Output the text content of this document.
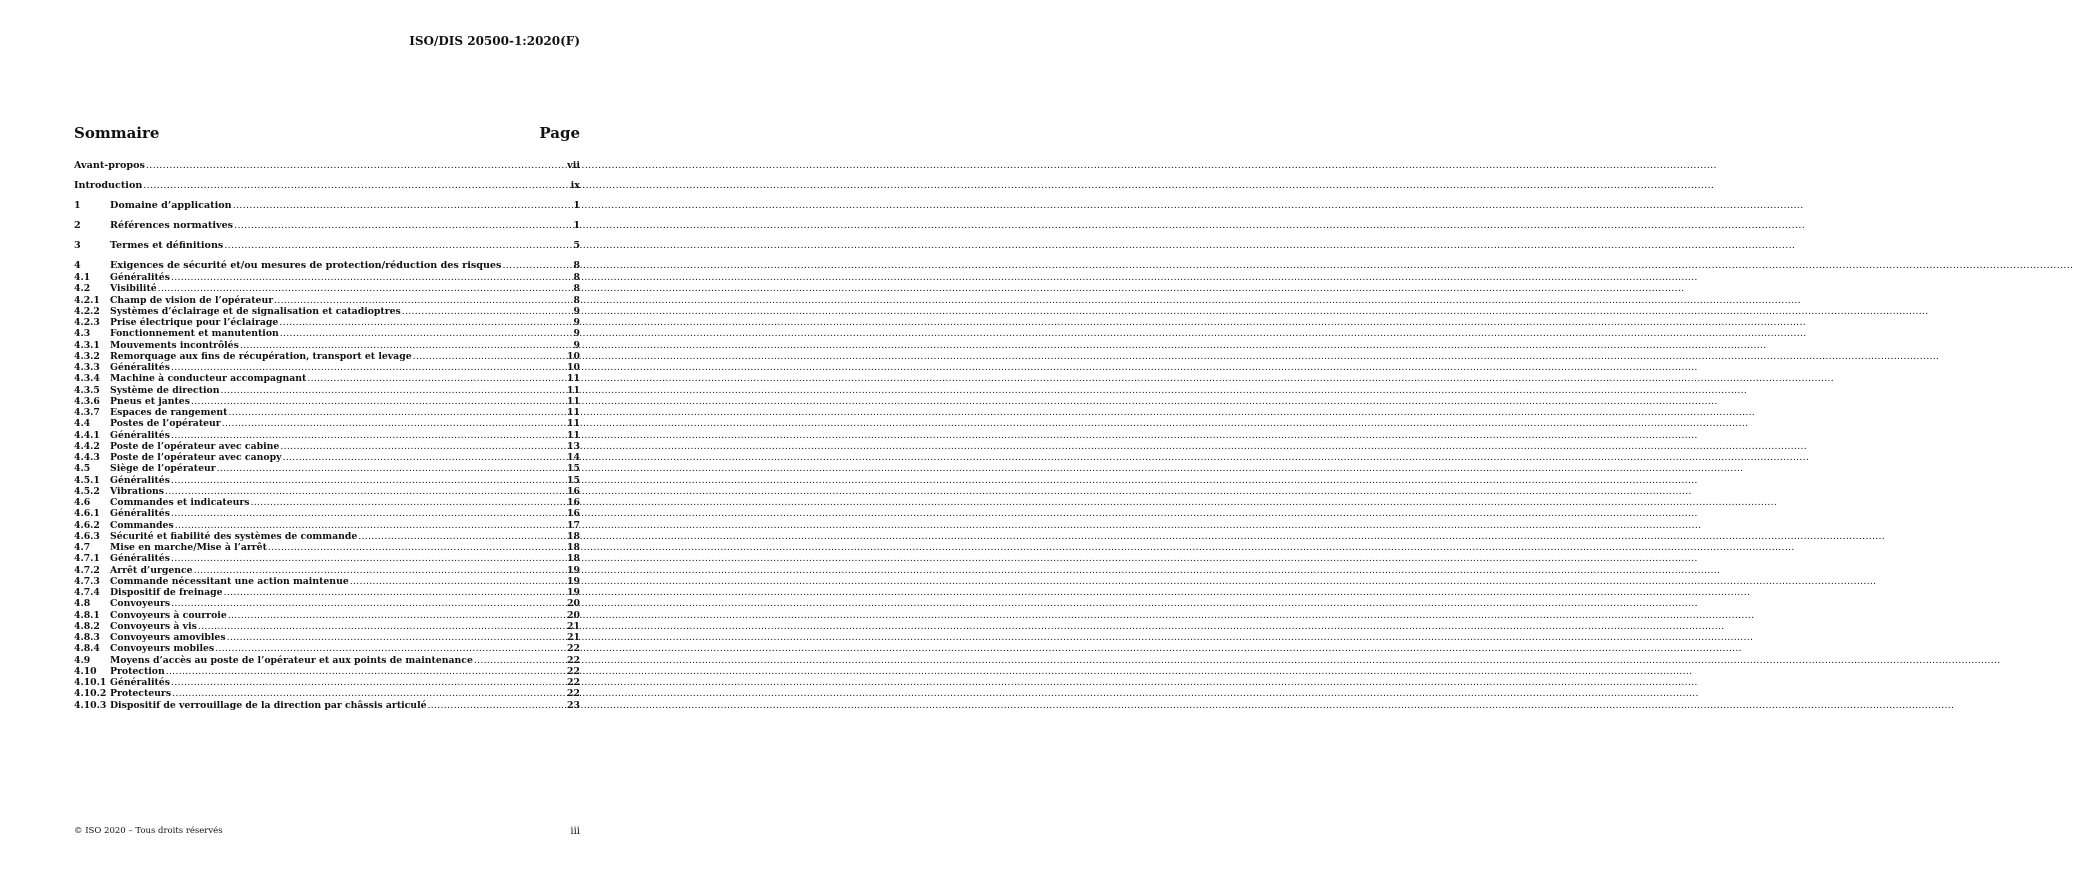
ISO/DIS 20500-1:2020(F)
Sommaire	Page
Avant-propos .....	vii
Introduction .....	ix
1	Domaine d’application .....	1
2	Références normatives .....	1
3	Termes et définitions .....	5
4	Exigences de sécurité et/ou mesures de protection/réduction des risques .....	8
4.1	Généralités .....	8
4.2	Visibilité .....	8
4.2.1	Champ de vision de l’opérateur .....	8
4.2.2	Systèmes d’éclairage et de signalisation et catadioptres .....	9
4.2.3	Prise électrique pour l’éclairage .....	9
4.3	Fonctionnement et manutention .....	9
4.3.1	Mouvements incontrôlés .....	9
4.3.2	Remorquage aux fins de récupération, transport et levage .....	10
4.3.3	Généralités .....	10
4.3.4	Machine à conducteur accompagnant .....	11
4.3.5	Système de direction .....	11
4.3.6	Pneus et jantes .....	11
4.3.7	Espaces de rangement .....	11
4.4	Postes de l’opérateur .....	11
4.4.1	Généralités .....	11
4.4.2	Poste de l’opérateur avec cabine .....	13
4.4.3	Poste de l’opérateur avec canopy .....	14
4.5	Siège de l’opérateur .....	15
4.5.1	Généralités .....	15
4.5.2	Vibrations .....	16
4.6	Commandes et indicateurs .....	16
4.6.1	Généralités .....	16
4.6.2	Commandes .....	17
4.6.3	Sécurité et fiabilité des systèmes de commande .....	18
4.7	Mise en marche/Mise à l’arrêt .....	18
4.7.1	Généralités .....	18
4.7.2	Arrêt d’urgence .....	19
4.7.3	Commande nécessitant une action maintenue .....	19
4.7.4	Dispositif de freinage .....	19
4.8	Convoyeurs .....	20
4.8.1	Convoyeurs à courroie .....	20
4.8.2	Convoyeurs à vis .....	21
4.8.3	Convoyeurs amovibles .....	21
4.8.4	Convoyeurs mobiles .....	22
4.9	Moyens d’accès au poste de l’opérateur et aux points de maintenance .....	22
4.10	Protection .....	22
4.10.1 Généralités .....	22
4.10.2 Protecteurs .....	22
4.10.3 Dispositif de verrouillage de la direction par châssis articulé .....	23
© ISO 2020 – Tous droits réservés	iii
